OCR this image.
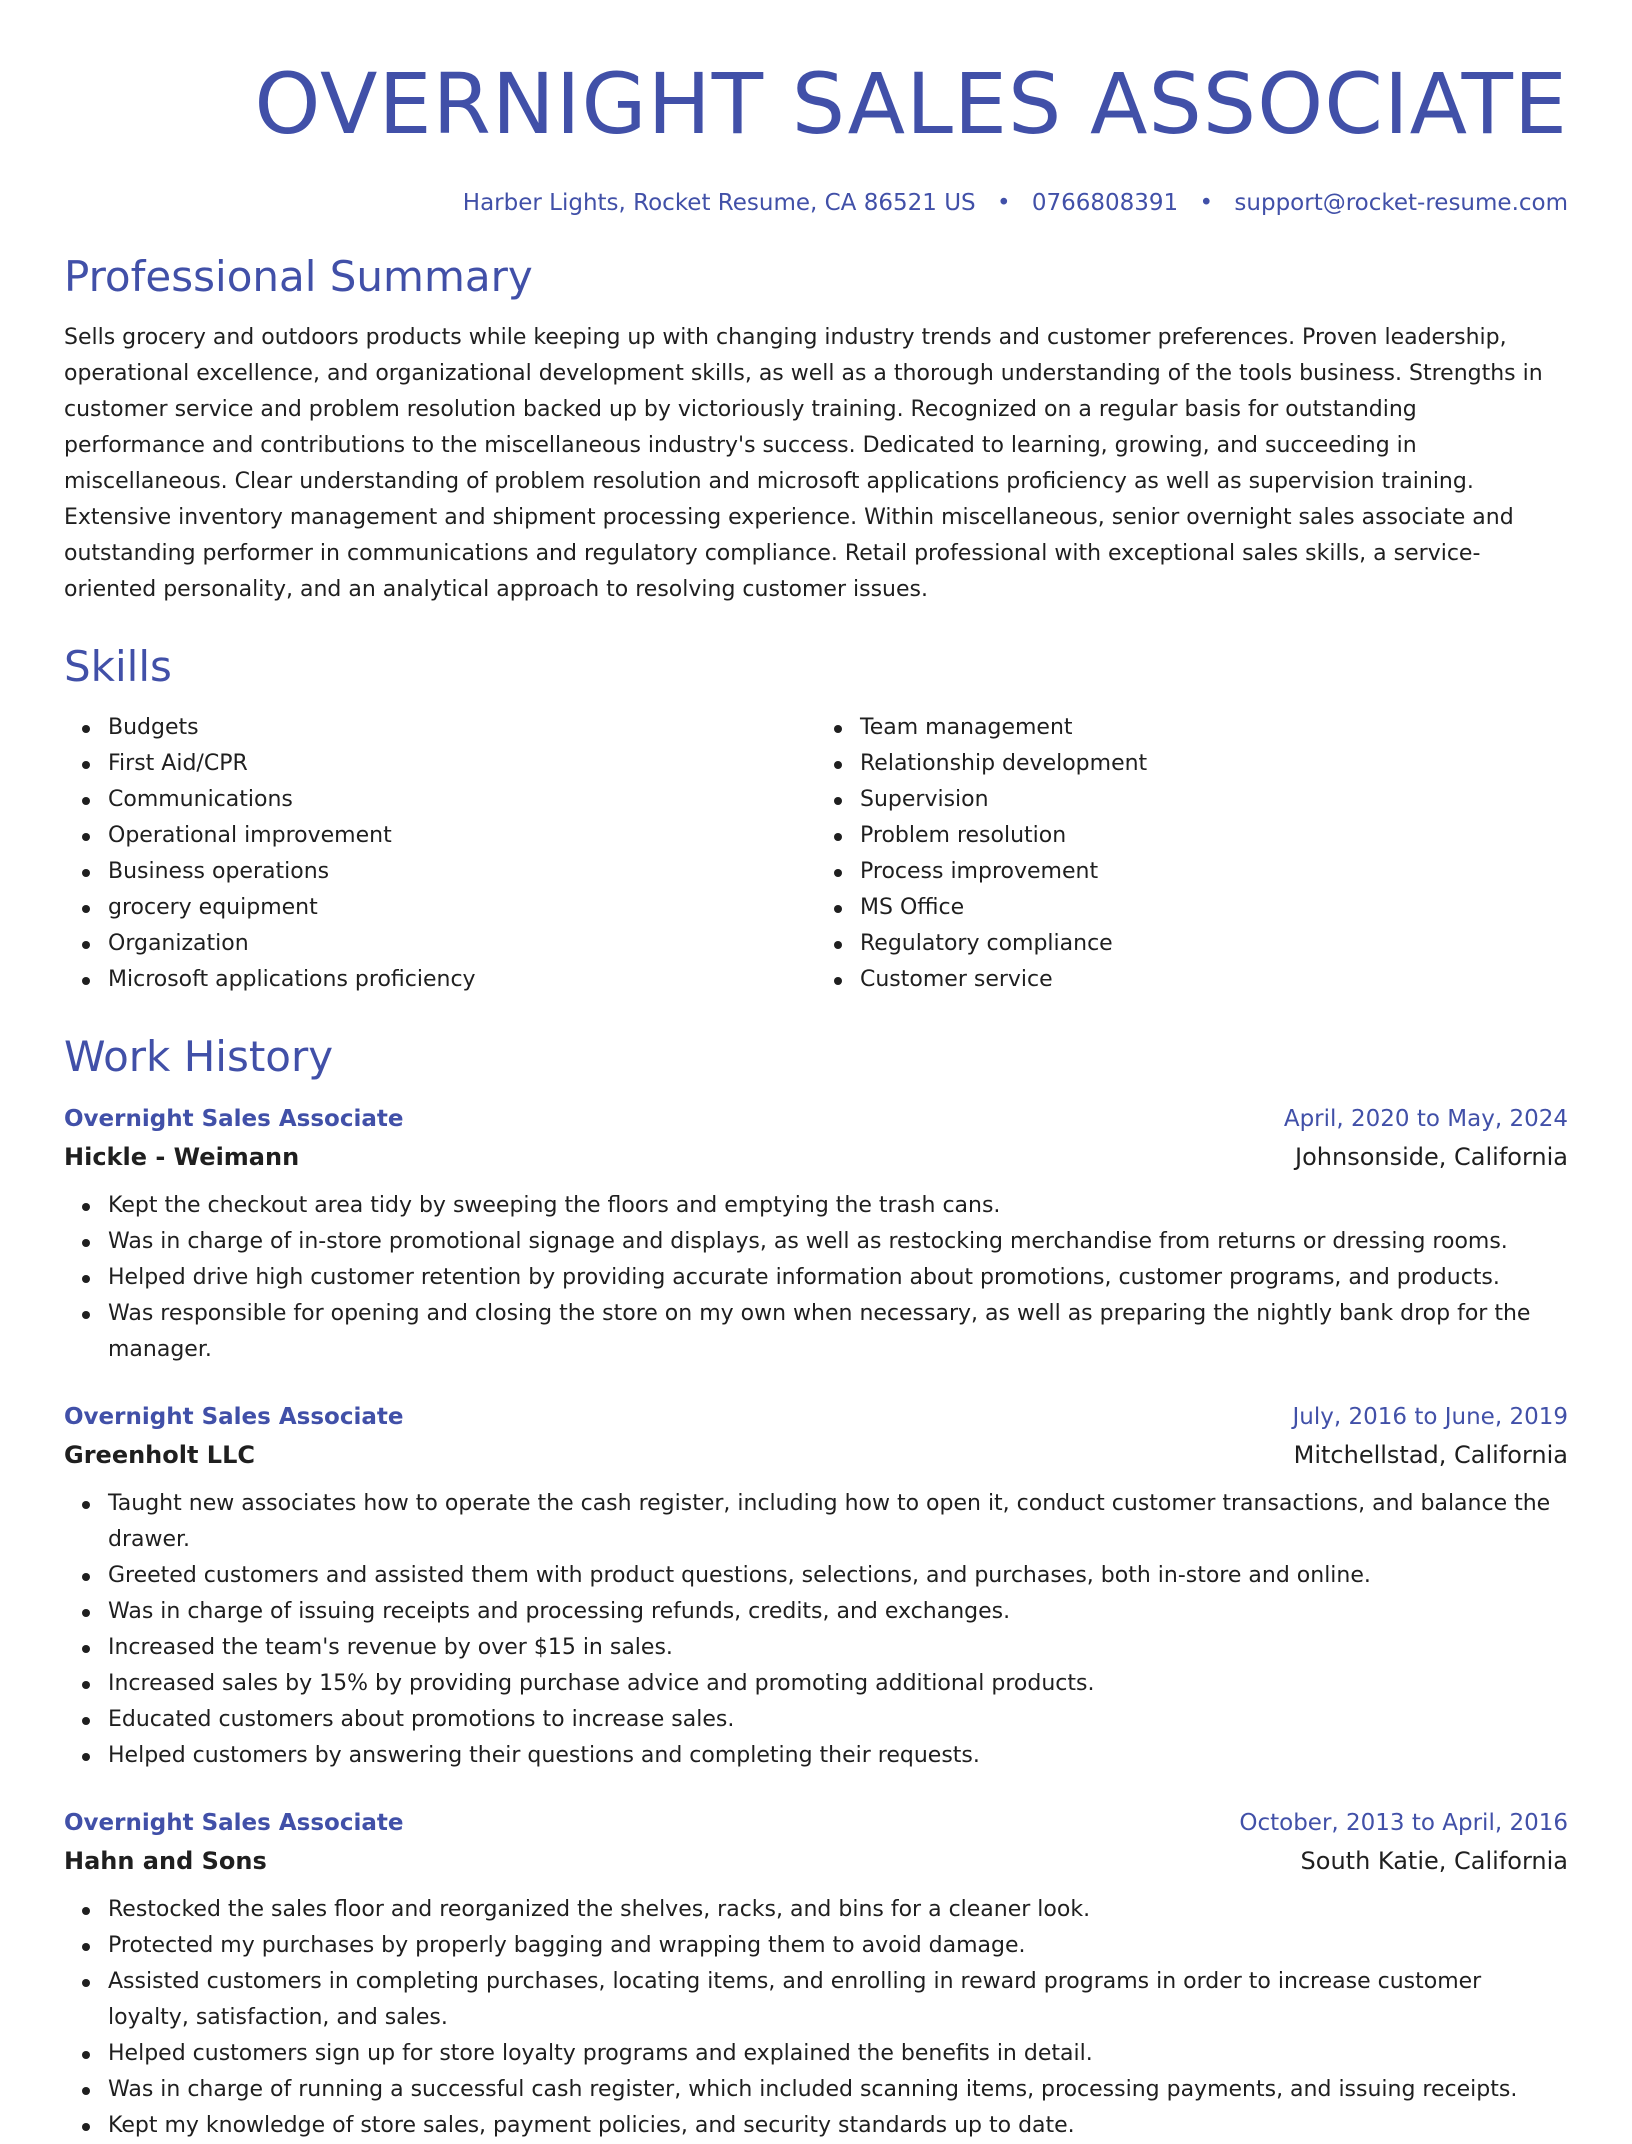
OVERNIGHT SALES ASSOCIATE
Harber Lights, Rocket Resume, CA 86521 US • 0766808391 • support@rocket-resume.com
Professional Summary

Sells grocery and outdoors products while keeping up with changing industry trends and customer preferences. Proven leadership, operational excellence, and organizational development skills, as well as a thorough understanding of the tools business. Strengths in customer service and problem resolution backed up by victoriously training. Recognized on a regular basis for outstanding performance and contributions to the miscellaneous industry's success. Dedicated to learning, growing, and succeeding in miscellaneous. Clear understanding of problem resolution and microsoft applications proficiency as well as supervision training. Extensive inventory management and shipment processing experience. Within miscellaneous, senior overnight sales associate and outstanding performer in communications and regulatory compliance. Retail professional with exceptional sales skills, a service-oriented personality, and an analytical approach to resolving customer issues.

Skills
Budgets
First Aid/CPR
Communications
Operational improvement
Business operations
grocery equipment
Organization
Microsoft applications proficiency
Team management
Relationship development
Supervision
Problem resolution
Process improvement
MS Office
Regulatory compliance
Customer service
Work History
Overnight Sales Associate	April, 2020 to May, 2024
Hickle - Weimann	Johnsonside, California
Kept the checkout area tidy by sweeping the floors and emptying the trash cans.
Was in charge of in-store promotional signage and displays, as well as restocking merchandise from returns or dressing rooms.
Helped drive high customer retention by providing accurate information about promotions, customer programs, and products.
Was responsible for opening and closing the store on my own when necessary, as well as preparing the nightly bank drop for the manager.
Overnight Sales Associate	July, 2016 to June, 2019
Greenholt LLC	Mitchellstad, California
Taught new associates how to operate the cash register, including how to open it, conduct customer transactions, and balance the drawer.
Greeted customers and assisted them with product questions, selections, and purchases, both in-store and online.
Was in charge of issuing receipts and processing refunds, credits, and exchanges.
Increased the team's revenue by over $15 in sales.
Increased sales by 15% by providing purchase advice and promoting additional products.
Educated customers about promotions to increase sales.
Helped customers by answering their questions and completing their requests.
Overnight Sales Associate	October, 2013 to April, 2016
Hahn and Sons	South Katie, California
Restocked the sales floor and reorganized the shelves, racks, and bins for a cleaner look.
Protected my purchases by properly bagging and wrapping them to avoid damage.
Assisted customers in completing purchases, locating items, and enrolling in reward programs in order to increase customer loyalty, satisfaction, and sales.
Helped customers sign up for store loyalty programs and explained the benefits in detail.
Was in charge of running a successful cash register, which included scanning items, processing payments, and issuing receipts.
Kept my knowledge of store sales, payment policies, and security standards up to date.
